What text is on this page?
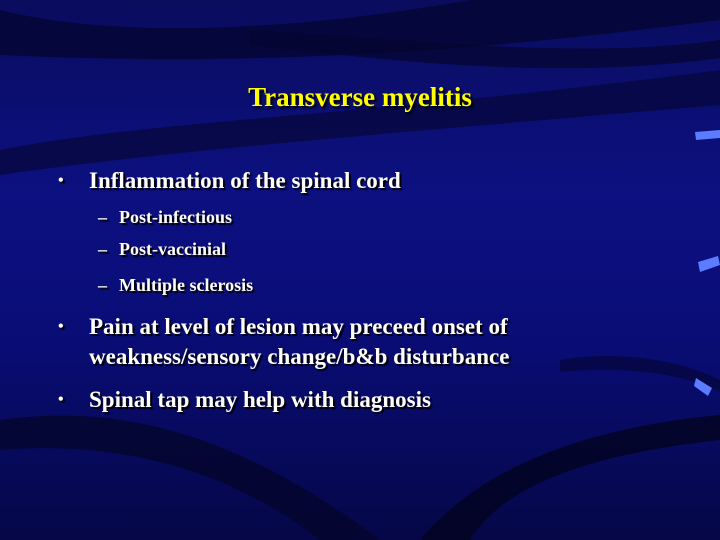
Transverse myelitis
• Inflammation of the spinal cord
– Post-infectious
– Post-vaccinial
– Multiple sclerosis
• Pain at level of lesion may preceed onset of weakness/sensory change/b&b disturbance
• Spinal tap may help with diagnosis
